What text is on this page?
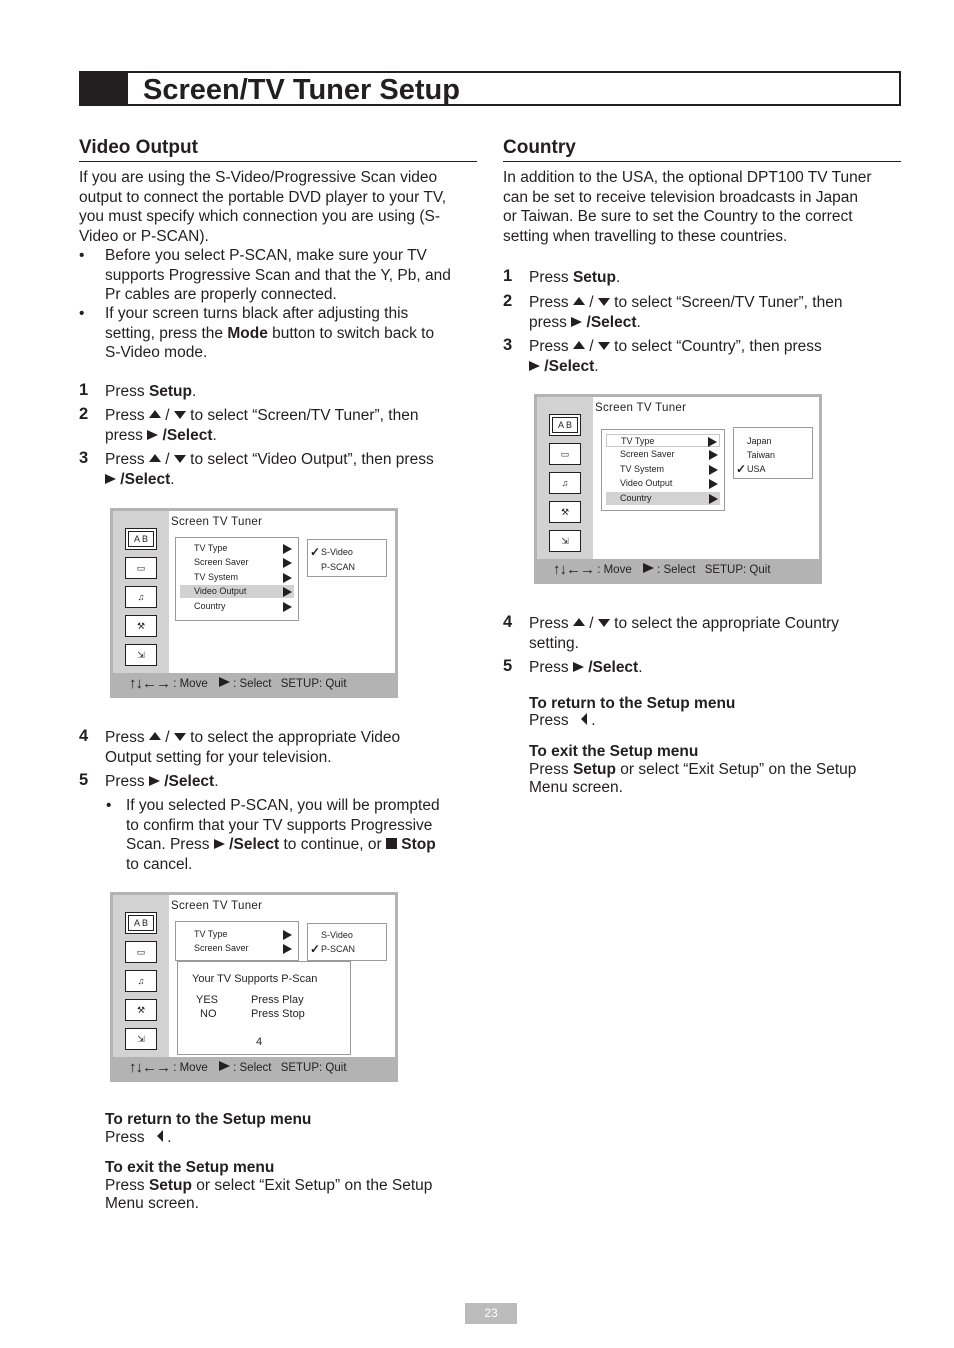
Screen/TV Tuner Setup
Video Output
If you are using the S-Video/Progressive Scan video
output to connect the portable DVD player to your TV,
you must specify which connection you are using (S-
Video or P-SCAN).
• Before you select P-SCAN, make sure your TV
supports Progressive Scan and that the Y, Pb, and
Pr cables are properly connected.
• If your screen turns black after adjusting this
setting, press the Mode button to switch back to
S-Video mode.
1 Press Setup.
2 Press  /  to select “Screen/TV Tuner”, then
press  /Select.
3 Press  /  to select “Video Output”, then press
/Select.
A B
▭
♫
⚒
⇲
Screen TV Tuner
TV Type
Screen Saver
TV System
Video Output
Country
✓ S-Video
P-SCAN
↑↓←→ : Move : Select SETUP: Quit
4 Press  /  to select the appropriate Video
Output setting for your television.
5 Press  /Select.
• If you selected P-SCAN, you will be prompted
to confirm that your TV supports Progressive
Scan. Press  /Select to continue, or  Stop
to cancel.
A B
▭
♫
⚒
⇲
Screen TV Tuner
TV Type
Screen Saver
S-Video
✓ P-SCAN
Your TV Supports P-Scan
YES	Press Play
NO	Press Stop
4
↑↓←→ : Move : Select SETUP: Quit
To return to the Setup menu
Press  .
To exit the Setup menu
Press Setup or select “Exit Setup” on the Setup
Menu screen.
Country
In addition to the USA, the optional DPT100 TV Tuner
can be set to receive television broadcasts in Japan
or Taiwan. Be sure to set the Country to the correct
setting when travelling to these countries.
1 Press Setup.
2 Press  /  to select “Screen/TV Tuner”, then
press  /Select.
3 Press  /  to select “Country”, then press
/Select.
A B
▭
♫
⚒
⇲
Screen TV Tuner
TV Type
Screen Saver
TV System
Video Output
Country
Japan
Taiwan
✓ USA
↑↓←→ : Move : Select SETUP: Quit
4 Press  /  to select the appropriate Country
setting.
5 Press  /Select.
To return to the Setup menu
Press  .
To exit the Setup menu
Press Setup or select “Exit Setup” on the Setup
Menu screen.
23
